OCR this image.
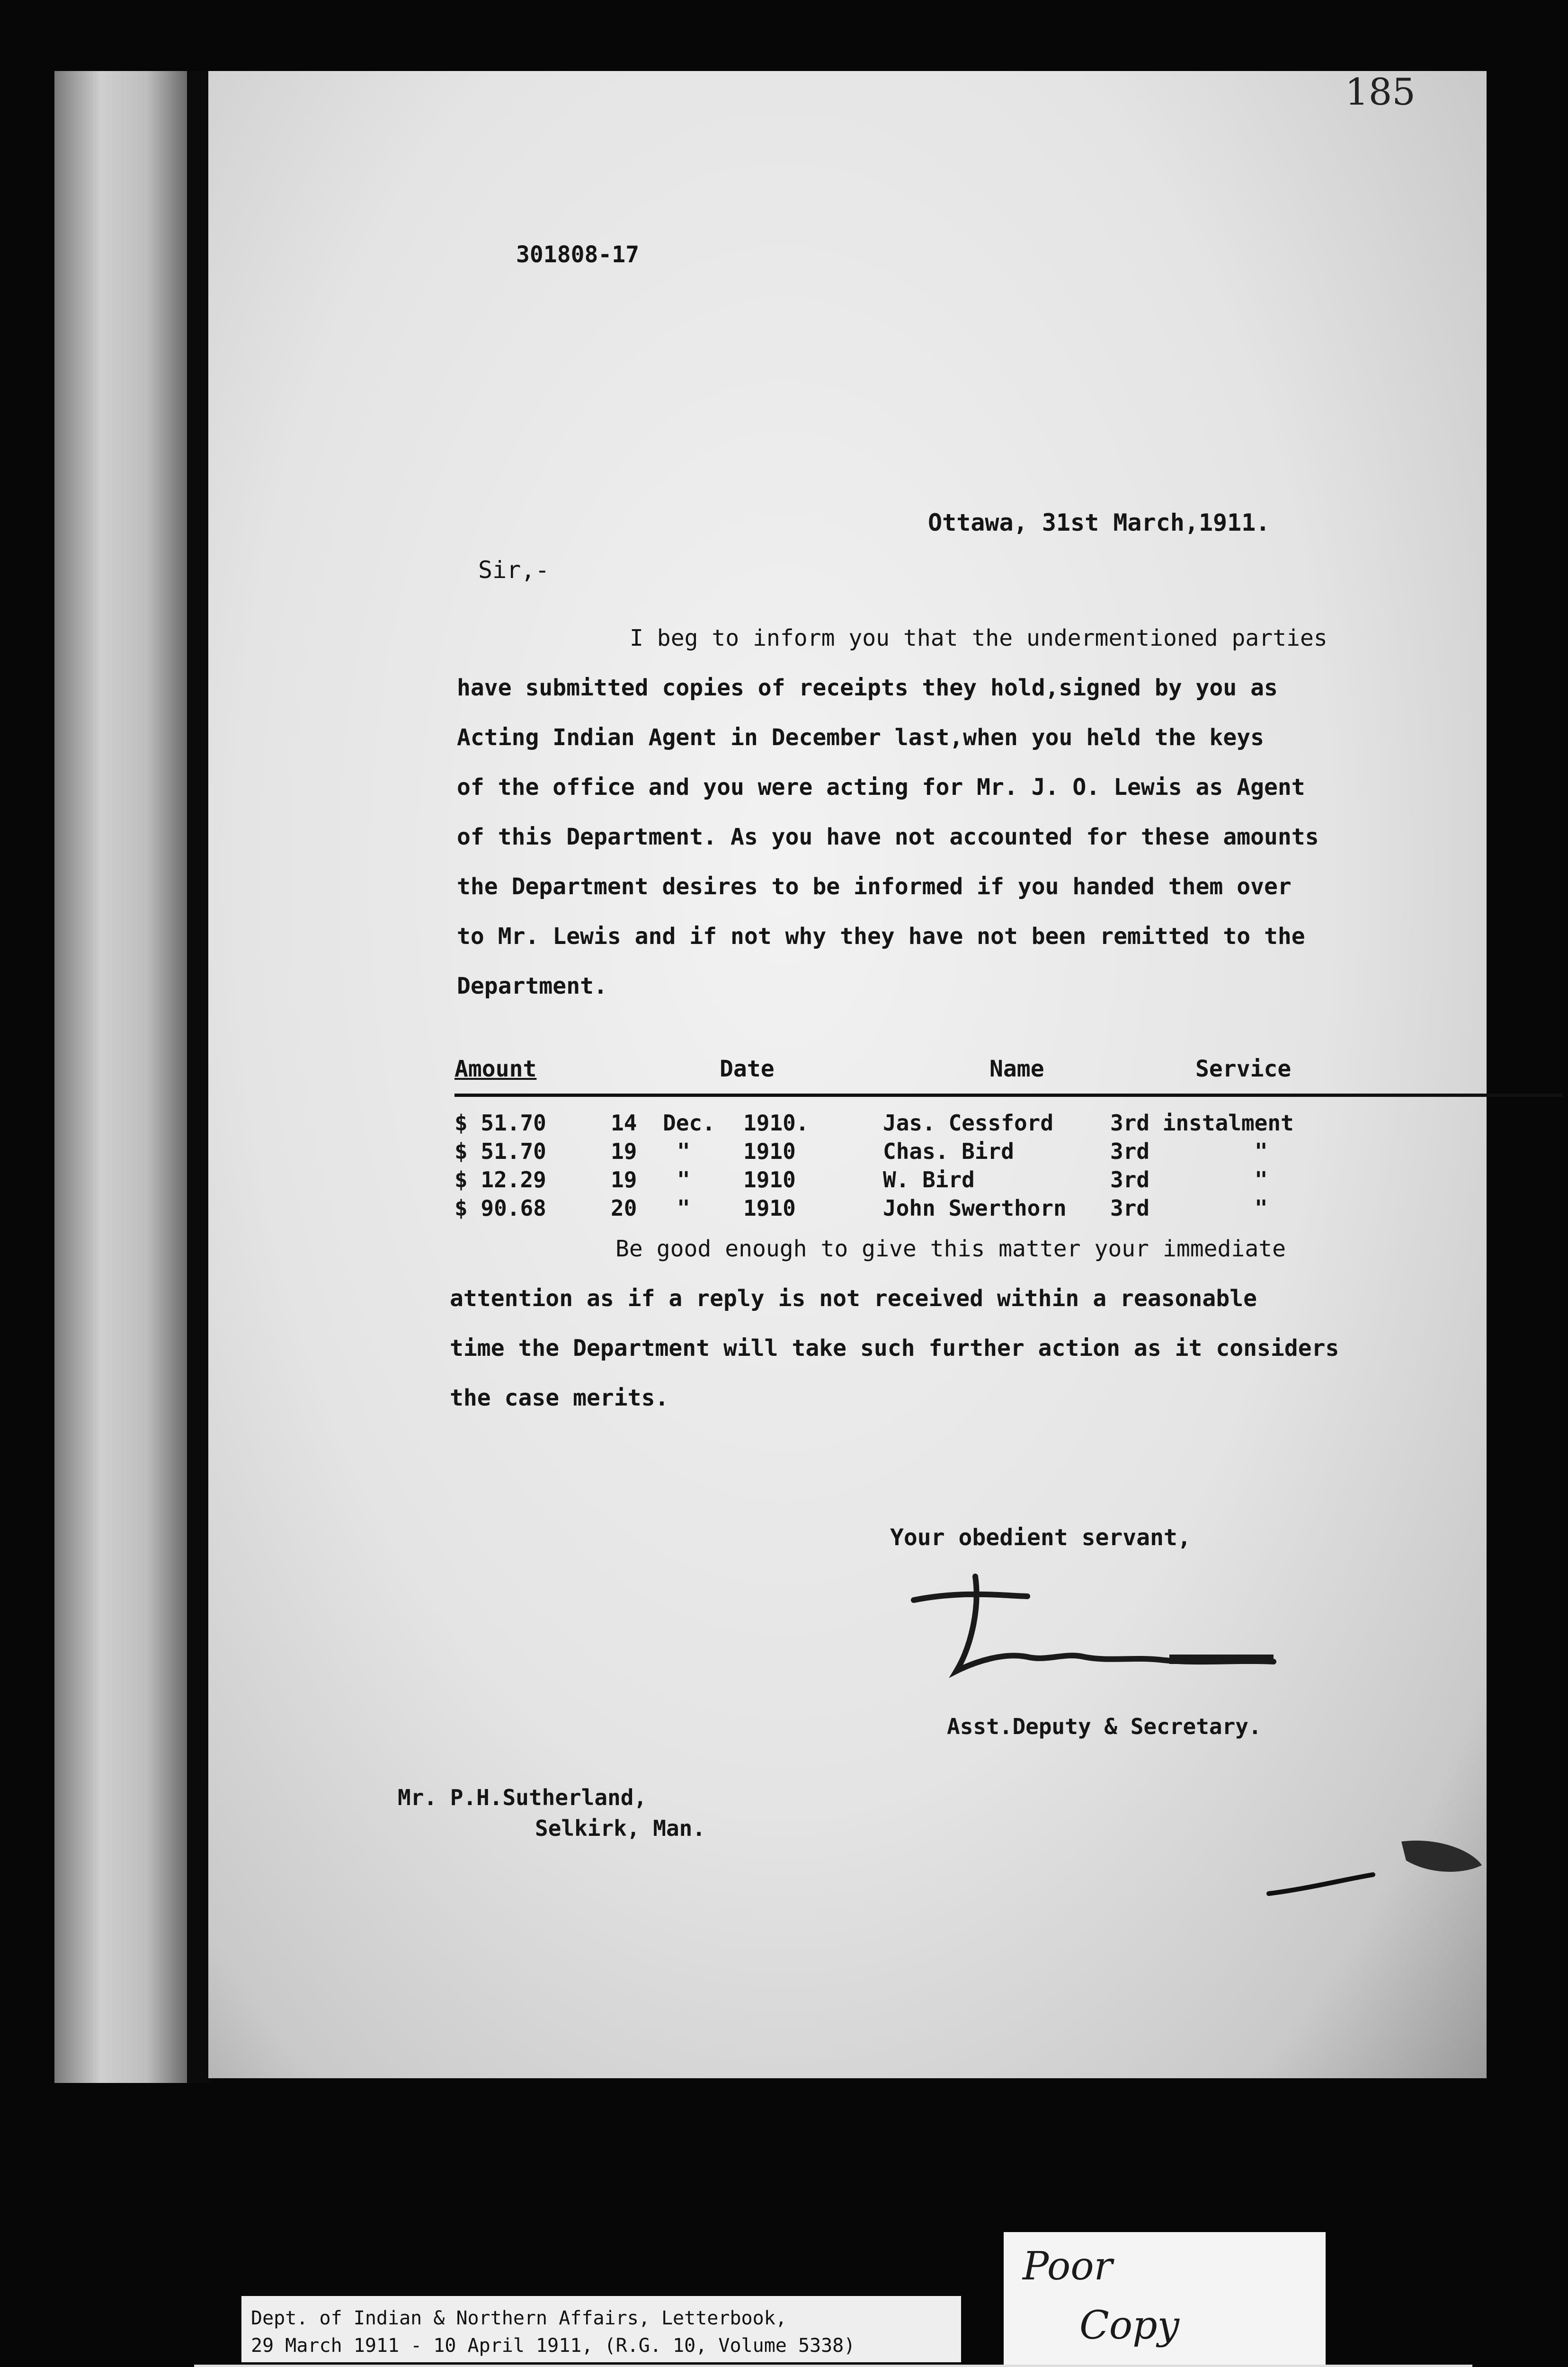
185
301808-17
Ottawa, 31st March,1911.
Sir,-
I beg to inform you that the undermentioned parties
have submitted copies of receipts they hold,signed by you as
Acting Indian Agent in December last,when you held the keys
of the office and you were acting for Mr. J. O. Lewis as Agent
of this Department. As you have not accounted for these amounts
the Department desires to be informed if you handed them over
to Mr. Lewis and if not why they have not been remitted to the
Department.
Amount	Date	Name	Service
$ 51.70	14 Dec. 1910.	Jas. Cessford	3rd instalment
$ 51.70	19 " 1910	Chas. Bird	3rd	"
$ 12.29	19 " 1910	W. Bird	3rd	"
$ 90.68	20 " 1910	John Swerthorn 3rd	"
Be good enough to give this matter your immediate
attention as if a reply is not received within a reasonable
time the Department will take such further action as it considers
the case merits.
Your obedient servant,
Asst.Deputy & Secretary.
Mr. P.H.Sutherland,
Selkirk, Man.
Dept. of Indian & Northern Affairs, Letterbook,
29 March 1911 - 10 April 1911, (R.G. 10, Volume 5338)
Poor
Copy
